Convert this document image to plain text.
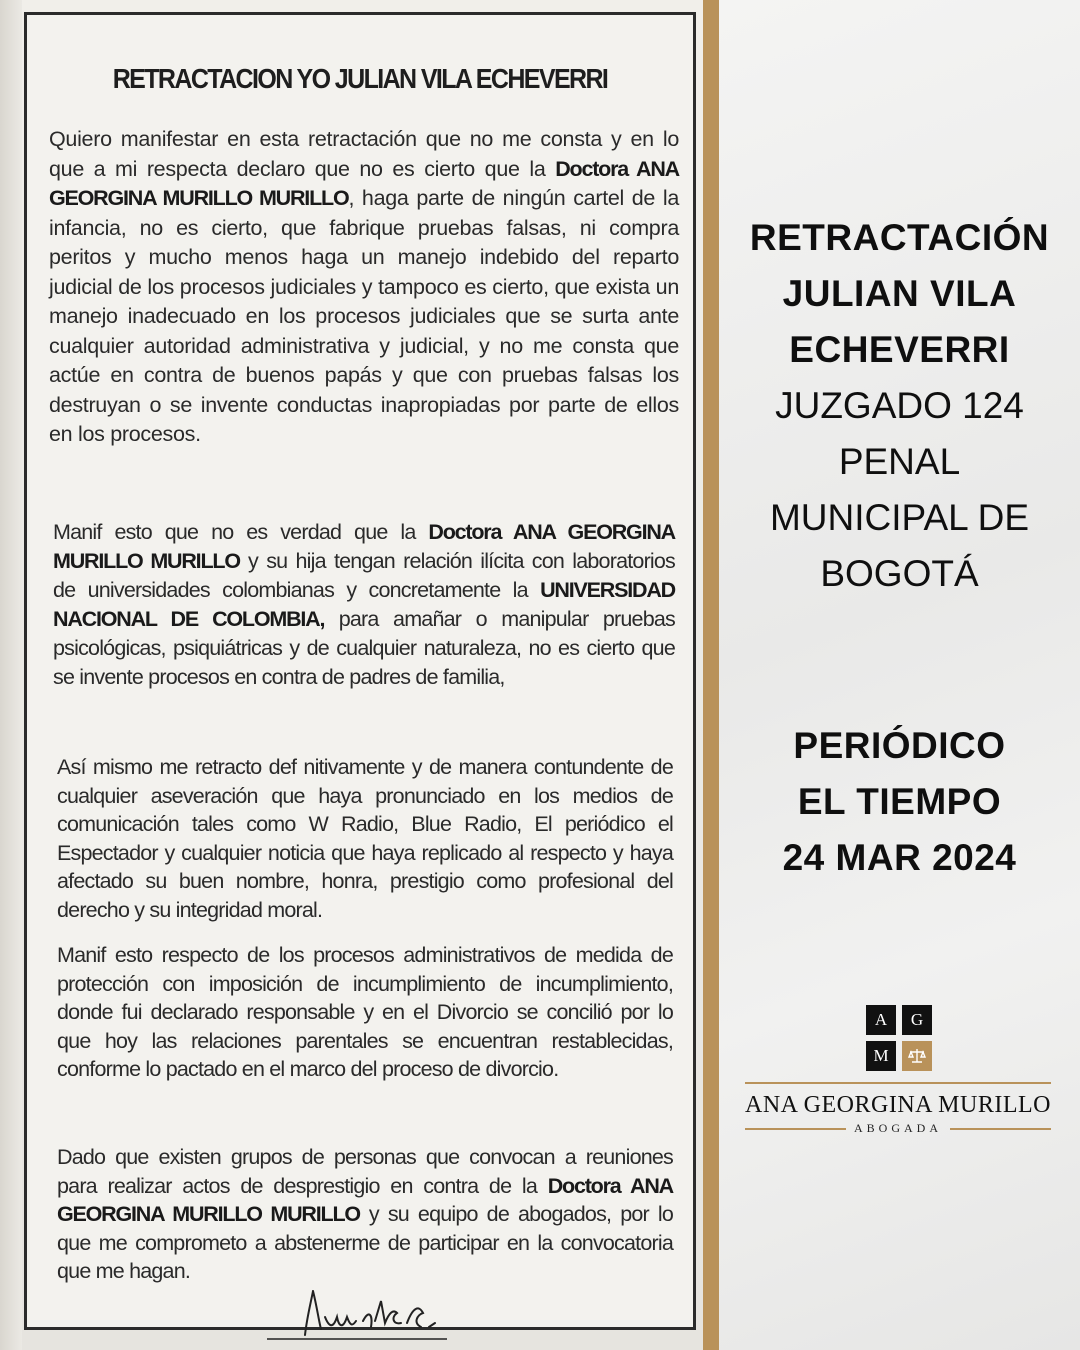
RETRACTACION YO JULIAN VILA ECHEVERRI
Quiero manifestar en esta retractación que no me consta y en lo que a mi respecta declaro que no es cierto que la Doctora ANA GEORGINA MURILLO MURILLO, haga parte de ningún cartel de la infancia, no es cierto, que fabrique pruebas falsas, ni compra peritos y mucho menos haga un manejo indebido del reparto judicial de los procesos judiciales y tampoco es cierto, que exista un manejo inadecuado en los procesos judiciales que se surta ante cualquier autoridad administrativa y judicial, y no me consta que actúe en contra de buenos papás y que con pruebas falsas los destruyan o se invente conductas inapropiadas por parte de ellos en los procesos.
Manif esto que no es verdad que la Doctora ANA GEORGINA MURILLO MURILLO y su hija tengan relación ilícita con laboratorios de universidades colombianas y concretamente la UNIVERSIDAD NACIONAL DE COLOMBIA, para amañar o manipular pruebas psicológicas, psiquiátricas y de cualquier naturaleza, no es cierto que se invente procesos en contra de padres de familia,
Así mismo me retracto def nitivamente y de manera contundente de cualquier aseveración que haya pronunciado en los medios de comunicación tales como W Radio, Blue Radio, El periódico el Espectador y cualquier noticia que haya replicado al respecto y haya afectado su buen nombre, honra, prestigio como profesional del derecho y su integridad moral.
Manif esto respecto de los procesos administrativos de medida de protección con imposición de incumplimiento de incumplimiento, donde fui declarado responsable y en el Divorcio se concilió por lo que hoy las relaciones parentales se encuentran restablecidas, conforme lo pactado en el marco del proceso de divorcio.
Dado que existen grupos de personas que convocan a reuniones para realizar actos de desprestigio en contra de la Doctora ANA GEORGINA MURILLO MURILLO y su equipo de abogados, por lo que me comprometo a abstenerme de participar en la convocatoria que me hagan.
RETRACTACIÓN
JULIAN VILA
ECHEVERRI
JUZGADO 124
PENAL
MUNICIPAL DE
BOGOTÁ
PERIÓDICO
EL TIEMPO
24 MAR 2024
A	G
M
ANA GEORGINA MURILLO
ABOGADA
